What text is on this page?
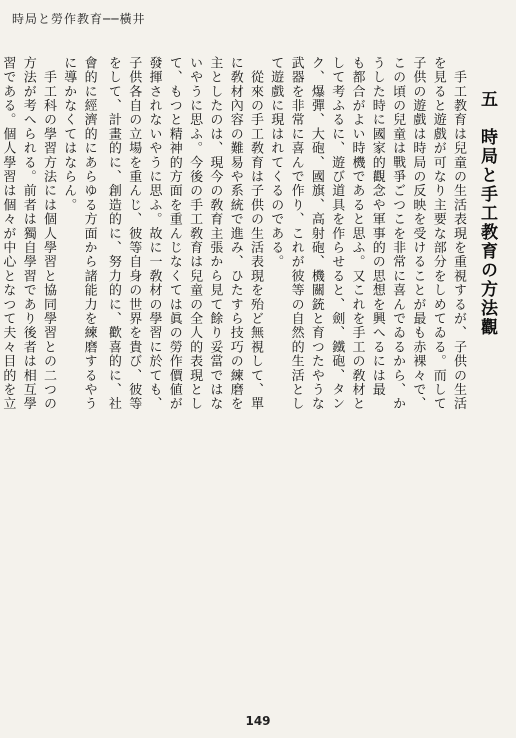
時局と勞作教育──橫井
五　時局と手工教育の方法觀
　手工教育は兒童の生活表現を重視するが、子供の生活
を見ると遊戲が可なり主要な部分をしめてゐる。而して
子供の遊戲は時局の反映を受けることが最も赤裸々で、
この頃の兒童は戰爭ごつこを非常に喜んでゐるから、か
うした時に國家的觀念や軍事的の思想を興へるには最
も都合がよい時機であると思ふ。又これを手工の敎材と
して考ふるに、遊び道具を作らせると、劍、鐵砲、タン
ク、爆彈、大砲、國旗、高射砲、機關銃と育つたやうな
武器を非常に喜んで作り、これが彼等の自然的生活とし
て遊戲に現はれてくるのである。
　從來の手工敎育は子供の生活表現を殆ど無視して、單
に敎材內容の難易や系統で進み、ひたすら技巧の練磨を
主としたのは、現今の敎育主張から見て餘り妥當ではな
いやうに思ふ。今後の手工敎育は兒童の全人的表現とし
て、もつと精神的方面を重んじなくては眞の勞作價値が
發揮されないやうに思ふ。故に一敎材の學習に於ても、
子供各自の立場を重んじ、彼等自身の世界を貴び、彼等
をして、計畫的に、創造的に、努力的に、歡喜的に、社
會的に經濟的にあらゆる方面から諸能力を練磨するやう
に導かなくてはならん。
　手工科の學習方法には個人學習と協同學習との二つの
方法が考へられる。前者は獨自學習であり後者は相互學
習である。個人學習は個々が中心となつて夫々目的を立
149
